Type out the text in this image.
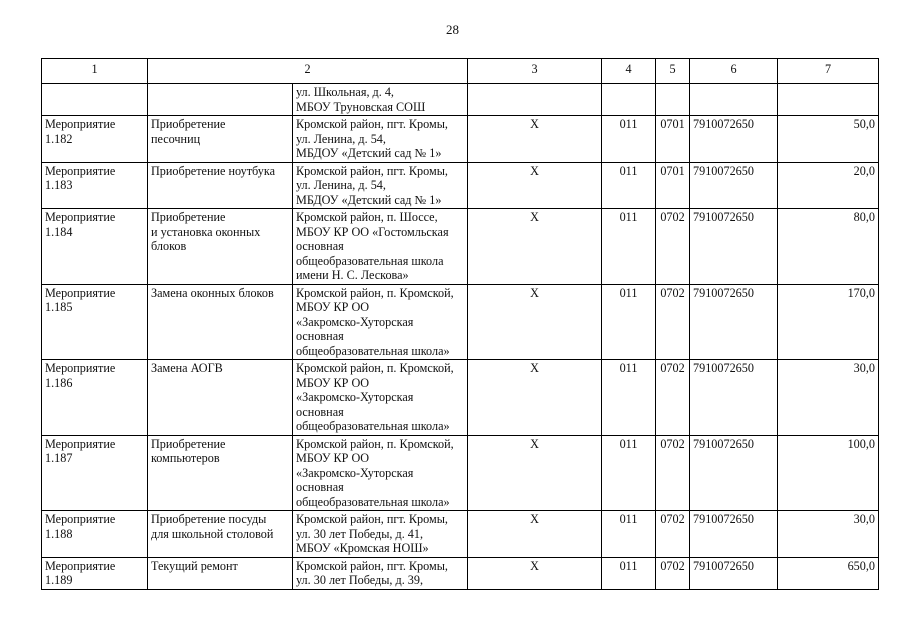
28
1	2		3	4	5	6	7

		ул. Школьная, д. 4,
МБОУ Труновская СОШ					

Мероприятие
1.182	Приобретение
песочниц	Кромской район, пгт. Кромы,
ул. Ленина, д. 54,
МБДОУ «Детский сад № 1»	Х	011	0701	7910072650	50,0

Мероприятие
1.183	Приобретение ноутбука	Кромской район, пгт. Кромы,
ул. Ленина, д. 54,
МБДОУ «Детский сад № 1»	Х	011	0701	7910072650	20,0

Мероприятие
1.184	Приобретение
и установка оконных
блоков	Кромской район, п. Шоссе,
МБОУ КР ОО «Гостомльская
основная
общеобразовательная школа
имени Н. С. Лескова»	Х	011	0702	7910072650	80,0

Мероприятие
1.185	Замена оконных блоков	Кромской район, п. Кромской,
МБОУ КР ОО
«Закромско-Хуторская
основная
общеобразовательная школа»	Х	011	0702	7910072650	170,0

Мероприятие
1.186	Замена АОГВ	Кромской район, п. Кромской,
МБОУ КР ОО
«Закромско-Хуторская
основная
общеобразовательная школа»	Х	011	0702	7910072650	30,0

Мероприятие
1.187	Приобретение
компьютеров	Кромской район, п. Кромской,
МБОУ КР ОО
«Закромско-Хуторская
основная
общеобразовательная школа»	Х	011	0702	7910072650	100,0

Мероприятие
1.188	Приобретение посуды
для школьной столовой	Кромской район, пгт. Кромы,
ул. 30 лет Победы, д. 41,
МБОУ «Кромская НОШ»	Х	011	0702	7910072650	30,0

Мероприятие
1.189	Текущий ремонт	Кромской район, пгт. Кромы,
ул. 30 лет Победы, д. 39,	Х	011	0702	7910072650	650,0
